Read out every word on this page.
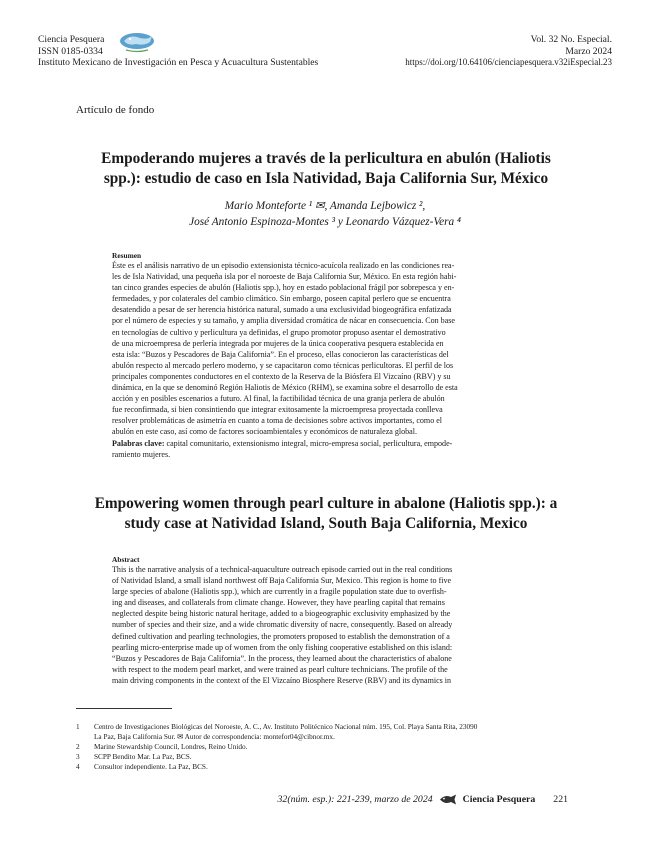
Ciencia Pesquera
ISSN 0185-0334
Instituto Mexicano de Investigación en Pesca y Acuacultura Sustentables
Vol. 32 No. Especial.
Marzo 2024
https://doi.org/10.64106/cienciapesquera.v32iEspecial.23
Artículo de fondo
Empoderando mujeres a través de la perlicultura en abulón (Haliotis
spp.): estudio de caso en Isla Natividad, Baja California Sur, México
Mario Monteforte ¹ ✉, Amanda Lejbowicz ²,
José Antonio Espinoza-Montes ³ y Leonardo Vázquez-Vera ⁴
Resumen
Éste es el análisis narrativo de un episodio extensionista técnico-acuícola realizado en las condiciones rea-
les de Isla Natividad, una pequeña isla por el noroeste de Baja California Sur, México. En esta región habi-
tan cinco grandes especies de abulón (Haliotis spp.), hoy en estado poblacional frágil por sobrepesca y en-
fermedades, y por colaterales del cambio climático. Sin embargo, poseen capital perlero que se encuentra
desatendido a pesar de ser herencia histórica natural, sumado a una exclusividad biogeográfica enfatizada
por el número de especies y su tamaño, y amplia diversidad cromática de nácar en consecuencia. Con base
en tecnologías de cultivo y perlicultura ya definidas, el grupo promotor propuso asentar el demostrativo
de una microempresa de perlería integrada por mujeres de la única cooperativa pesquera establecida en
esta isla: “Buzos y Pescadores de Baja California”. En el proceso, ellas conocieron las características del
abulón respecto al mercado perlero moderno, y se capacitaron como técnicas perlicultoras. El perfil de los
principales componentes conductores en el contexto de la Reserva de la Biósfera El Vizcaíno (RBV) y su
dinámica, en la que se denominó Región Haliotis de México (RHM), se examina sobre el desarrollo de esta
acción y en posibles escenarios a futuro. Al final, la factibilidad técnica de una granja perlera de abulón
fue reconfirmada, si bien consintiendo que integrar exitosamente la microempresa proyectada conlleva
resolver problemáticas de asimetría en cuanto a toma de decisiones sobre activos importantes, como el
abulón en este caso, así como de factores socioambientales y económicos de naturaleza global.
Palabras clave: capital comunitario, extensionismo integral, micro-empresa social, perlicultura, empode-
ramiento mujeres.
Empowering women through pearl culture in abalone (Haliotis spp.): a
study case at Natividad Island, South Baja California, Mexico
Abstract
This is the narrative analysis of a technical-aquaculture outreach episode carried out in the real conditions
of Natividad Island, a small island northwest off Baja California Sur, Mexico. This region is home to five
large species of abalone (Haliotis spp.), which are currently in a fragile population state due to overfish-
ing and diseases, and collaterals from climate change. However, they have pearling capital that remains
neglected despite being historic natural heritage, added to a biogeographic exclusivity emphasized by the
number of species and their size, and a wide chromatic diversity of nacre, consequently. Based on already
defined cultivation and pearling technologies, the promoters proposed to establish the demonstration of a
pearling micro-enterprise made up of women from the only fishing cooperative established on this island:
“Buzos y Pescadores de Baja California”. In the process, they learned about the characteristics of abalone
with respect to the modern pearl market, and were trained as pearl culture technicians. The profile of the
main driving components in the context of the El Vizcaíno Biosphere Reserve (RBV) and its dynamics in
1 Centro de Investigaciones Biológicas del Noroeste, A. C., Av. Instituto Politécnico Nacional núm. 195, Col. Playa Santa Rita, 23090
La Paz, Baja California Sur. ✉ Autor de correspondencia: montefor04@cibnor.mx.
2 Marine Stewardship Council, Londres, Reino Unido.
3 SCPP Bendito Mar. La Paz, BCS.
4 Consultor independiente. La Paz, BCS.
32(núm. esp.): 221-239, marzo de 2024	Ciencia Pesquera 221
